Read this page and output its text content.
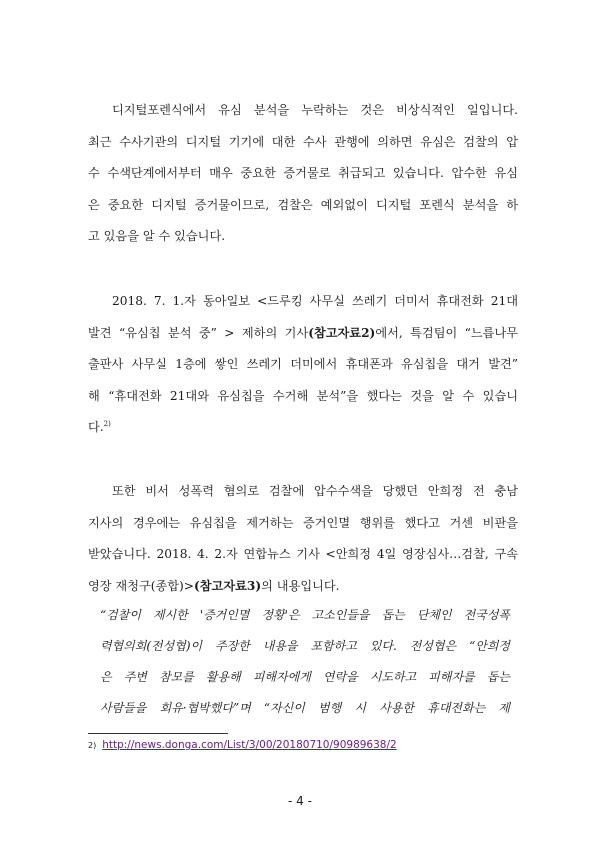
디지털포렌식에서 유심 분석을 누락하는 것은 비상식적인 일입니다.
최근 수사기관의 디지털 기기에 대한 수사 관행에 의하면 유심은 검찰의 압
수 수색단계에서부터 매우 중요한 증거물로 취급되고 있습니다. 압수한 유심
은 중요한 디지털 증거물이므로, 검찰은 예외없이 디지털 포렌식 분석을 하
고 있음을 알 수 있습니다.
2018. 7. 1.자 동아일보 <드루킹 사무실 쓰레기 더미서 휴대전화 21대
발견 “유심칩 분석 중” > 제하의 기사(참고자료2)에서, 특검팀이 “느릅나무
출판사 사무실 1층에 쌓인 쓰레기 더미에서 휴대폰과 유심칩을 대거 발견”
해 “휴대전화 21대와 유심칩을 수거해 분석”을 했다는 것을 알 수 있습니
다.$^{2)}$
또한 비서 성폭력 혐의로 검찰에 압수수색을 당했던 안희정 전 충남
지사의 경우에는 유심칩을 제거하는 증거인멸 행위를 했다고 거센 비판을
받았습니다. 2018. 4. 2.자 연합뉴스 기사 <안희정 4일 영장심사…검찰, 구속
영장 재청구(종합)>(참고자료3)의 내용입니다.
“검찰이 제시한 '증거인멸 정황'은 고소인들을 돕는 단체인 전국성폭
력협의회(전성협)이 주장한 내용을 포함하고 있다. 전성협은 “안희정
은 주변 참모를 활용해 피해자에게 연락을 시도하고 피해자를 돕는
사람들을 회유·협박했다”며 “자신이 범행 시 사용한 휴대전화는 제
2) http://news.donga.com/List/3/00/20180710/90989638/2
- 4 -
